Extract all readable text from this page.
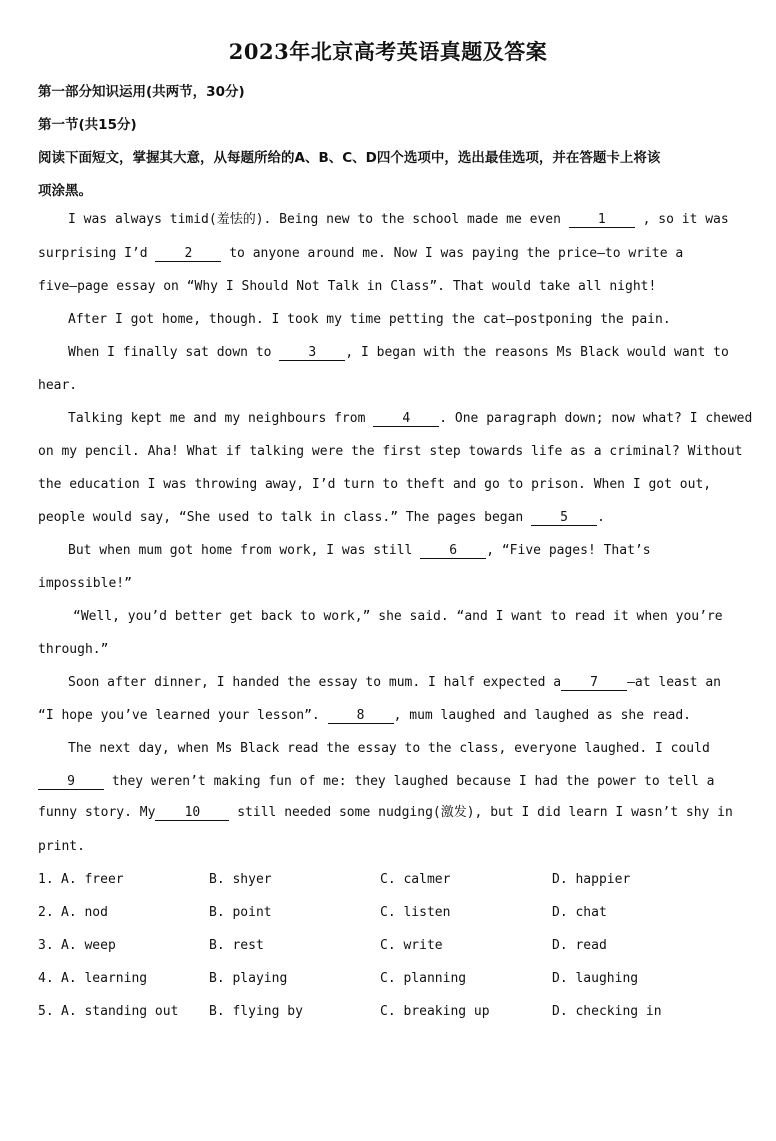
2023年北京高考英语真题及答案
第一部分知识运用(共两节，30分)
第一节(共15分)
阅读下面短文，掌握其大意，从每题所给的A、B、C、D四个选项中，选出最佳选项，并在答题卡上将该
项涂黑。
I was always timid(羞怯的). Being new to the school made me even 1 , so it was
surprising I’d 2 to anyone around me. Now I was paying the price–to write a
five–page essay on “Why I Should Not Talk in Class”. That would take all night!
After I got home, though. I took my time petting the cat–postponing the pain.
When I finally sat down to 3 , I began with the reasons Ms Black would want to
hear.
Talking kept me and my neighbours from 4 . One paragraph down; now what? I chewed
on my pencil. Aha! What if talking were the first step towards life as a criminal? Without
the education I was throwing away, I’d turn to theft and go to prison. When I got out,
people would say, “She used to talk in class.” The pages began 5 .
But when mum got home from work, I was still 6 , “Five pages! That’s
impossible!”
“Well, you’d better get back to work,” she said. “and I want to read it when you’re
through.”
Soon after dinner, I handed the essay to mum. I half expected a 7 –at least an
“I hope you’ve learned your lesson”. 8 , mum laughed and laughed as she read.
The next day, when Ms Black read the essay to the class, everyone laughed. I could
9 they weren’t making fun of me: they laughed because I had the power to tell a
funny story. My 10 still needed some nudging(激发), but I did learn I wasn’t shy in
print.
1. A. freer	B. shyer	C. calmer	D. happier
2. A. nod	B. point	C. listen	D. chat
3. A. weep	B. rest	C. write	D. read
4. A. learning	B. playing	C. planning	D. laughing
5. A. standing out B. flying by	C. breaking up	D. checking in
